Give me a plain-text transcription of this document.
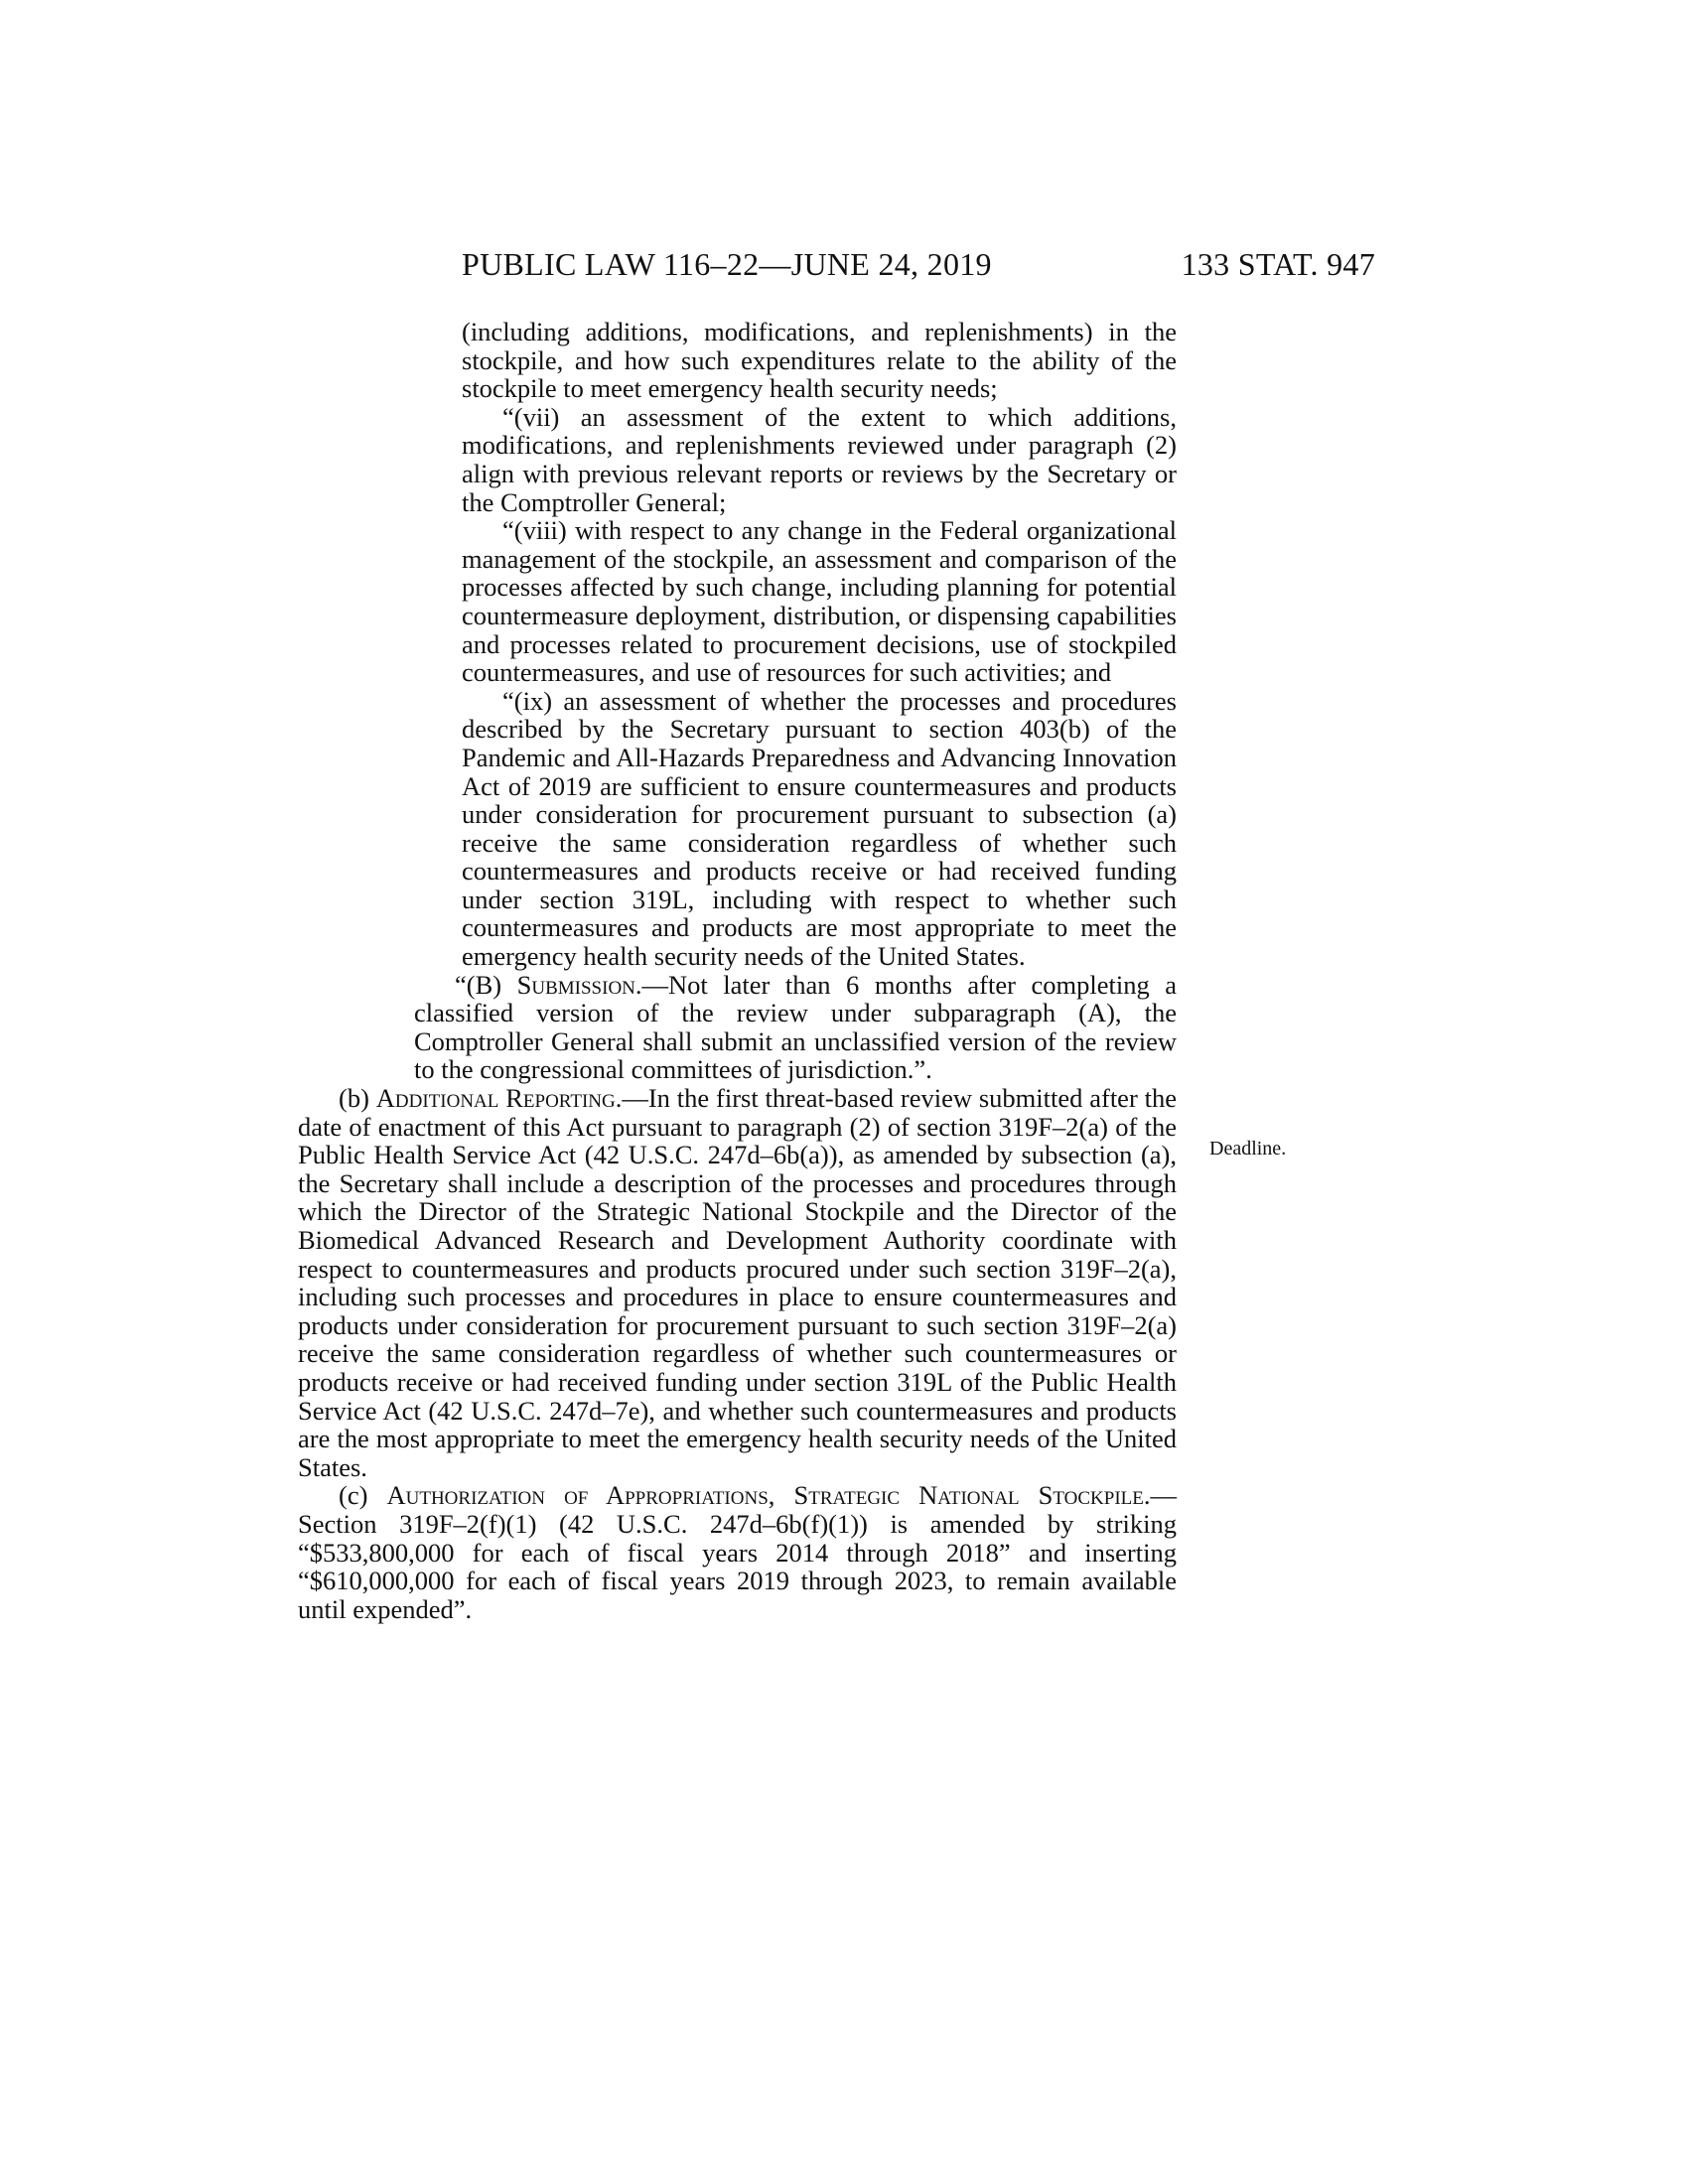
PUBLIC LAW 116–22—JUNE 24, 2019	133 STAT. 947

(including additions, modifications, and replenishments) in the stockpile, and how such expenditures relate to the ability of the stockpile to meet emergency health security needs;

“(vii) an assessment of the extent to which additions, modifications, and replenishments reviewed under paragraph (2) align with previous relevant reports or reviews by the Secretary or the Comptroller General;

“(viii) with respect to any change in the Federal organizational management of the stockpile, an assessment and comparison of the processes affected by such change, including planning for potential countermeasure deployment, distribution, or dispensing capabilities and processes related to procurement decisions, use of stockpiled countermeasures, and use of resources for such activities; and

“(ix) an assessment of whether the processes and procedures described by the Secretary pursuant to section 403(b) of the Pandemic and All-Hazards Preparedness and Advancing Innovation Act of 2019 are sufficient to ensure countermeasures and products under consideration for procurement pursuant to subsection (a) receive the same consideration regardless of whether such countermeasures and products receive or had received funding under section 319L, including with respect to whether such countermeasures and products are most appropriate to meet the emergency health security needs of the United States.

“(B) Submission.—Not later than 6 months after completing a classified version of the review under subparagraph (A), the Comptroller General shall submit an unclassified version of the review to the congressional committees of jurisdiction.”.

(b) Additional Reporting.—In the first threat-based review submitted after the date of enactment of this Act pursuant to paragraph (2) of section 319F–2(a) of the Public Health Service Act (42 U.S.C. 247d–6b(a)), as amended by subsection (a), the Secretary shall include a description of the processes and procedures through which the Director of the Strategic National Stockpile and the Director of the Biomedical Advanced Research and Development Authority coordinate with respect to countermeasures and products procured under such section 319F–2(a), including such processes and procedures in place to ensure countermeasures and products under consideration for procurement pursuant to such section 319F–2(a) receive the same consideration regardless of whether such countermeasures or products receive or had received funding under section 319L of the Public Health Service Act (42 U.S.C. 247d–7e), and whether such countermeasures and products are the most appropriate to meet the emergency health security needs of the United States.

(c) Authorization of Appropriations, Strategic National Stockpile.—Section 319F–2(f)(1) (42 U.S.C. 247d–6b(f)(1)) is amended by striking “$533,800,000 for each of fiscal years 2014 through 2018” and inserting “$610,000,000 for each of fiscal years 2019 through 2023, to remain available until expended”.

Deadline.
